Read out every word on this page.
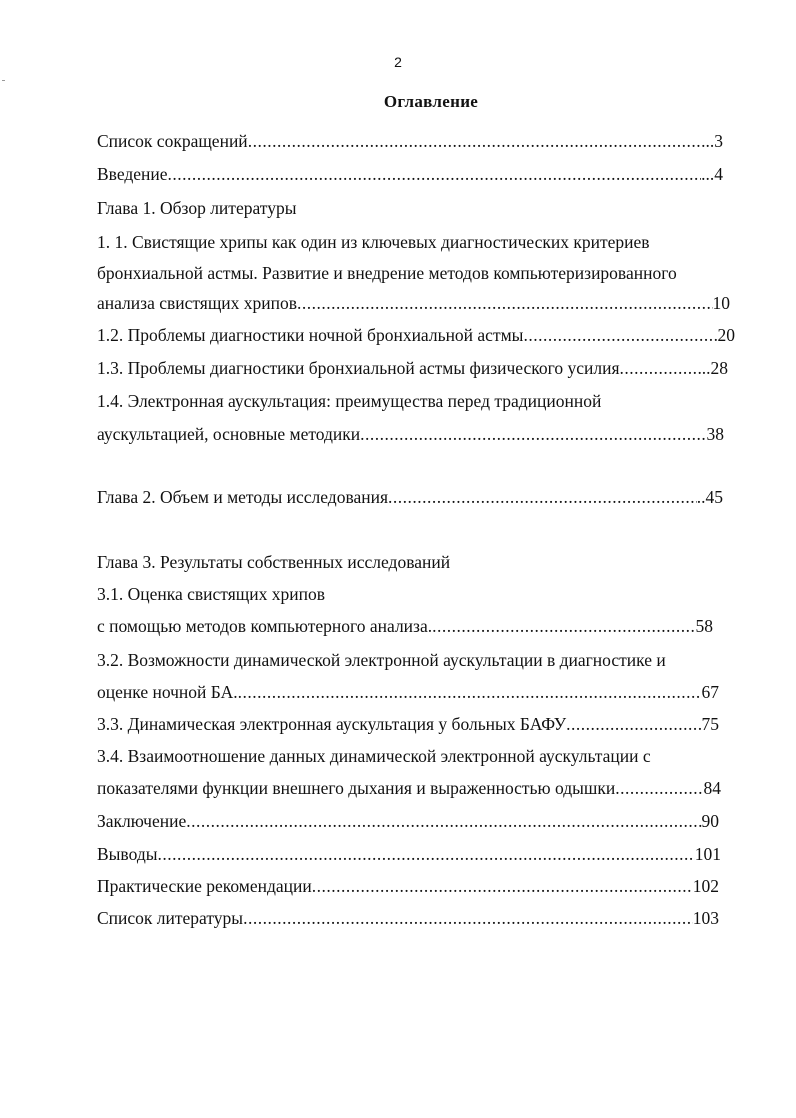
2
Оглавление
Список сокращений .....	..3
Введение .....	...4
Глава 1. Обзор литературы
1. 1. Свистящие хрипы как один из ключевых диагностических критериев
бронхиальной астмы. Развитие и внедрение методов компьютеризированного
анализа свистящих хрипов .....	10
1.2. Проблемы диагностики ночной бронхиальной астмы .....	20
1.3. Проблемы диагностики бронхиальной астмы физического усилия .....	..28
1.4. Электронная аускультация: преимущества перед традиционной
аускультацией, основные методики .....	38
Глава 2. Объем и методы исследования .....	..45
Глава 3. Результаты собственных исследований
3.1. Оценка свистящих хрипов
с помощью методов компьютерного анализа. .....	58
3.2. Возможности динамической электронной аускультации в диагностике и
оценке ночной БА. .....	67
3.3. Динамическая электронная аускультация у больных БАФУ .....	75
3.4. Взаимоотношение данных динамической электронной аускультации с
показателями функции внешнего дыхания и выраженностью одышки .....	84
Заключение .....	90
Выводы .....	101
Практические рекомендации .....	102
Список литературы .....	103
